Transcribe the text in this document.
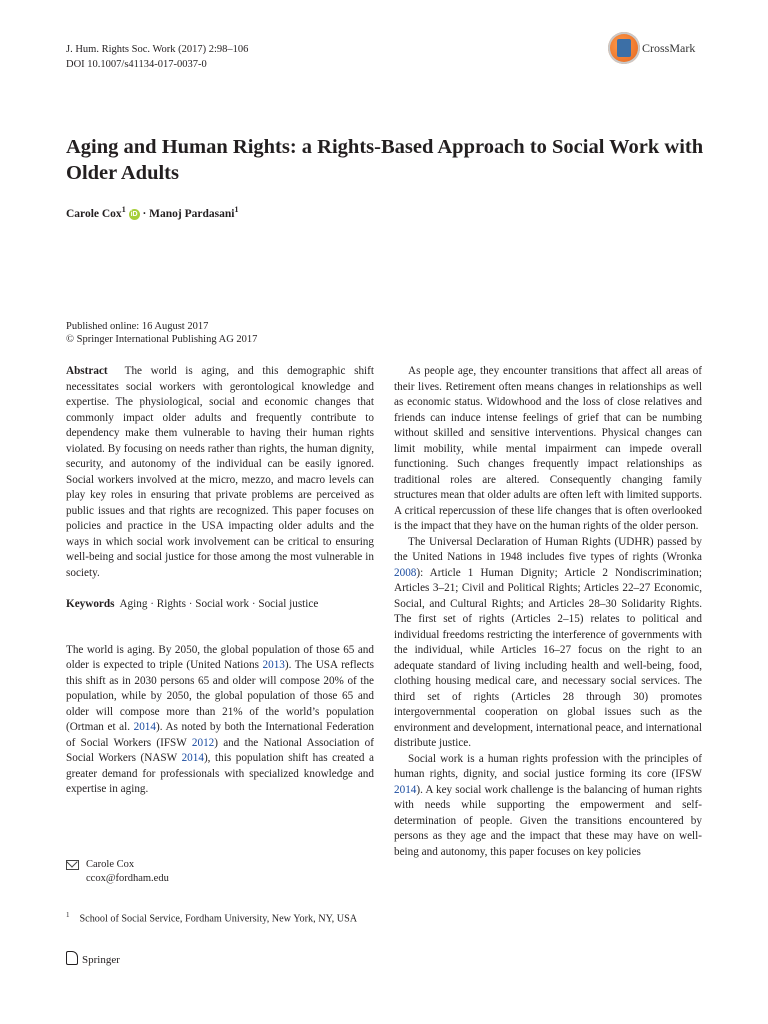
J. Hum. Rights Soc. Work (2017) 2:98–106
DOI 10.1007/s41134-017-0037-0
CrossMark
Aging and Human Rights: a Rights-Based Approach to Social Work with Older Adults
Carole Cox$^1$ iD · Manoj Pardasani$^1$
Published online: 16 August 2017
© Springer International Publishing AG 2017

Abstract The world is aging, and this demographic shift necessitates social workers with gerontological knowledge and expertise. The physiological, social and economic changes that commonly impact older adults and frequently contribute to dependency make them vulnerable to having their human rights violated. By focusing on needs rather than rights, the human dignity, security, and autonomy of the individual can be easily ignored. Social workers involved at the micro, mezzo, and macro levels can play key roles in ensuring that private problems are perceived as public issues and that rights are recognized. This paper focuses on policies and practice in the USA impacting older adults and the ways in which social work involvement can be critical to ensuring well-being and social justice for those among the most vulnerable in society.

Keywords Aging · Rights · Social work · Social justice

The world is aging. By 2050, the global population of those 65 and older is expected to triple (United Nations 2013). The USA reflects this shift as in 2030 persons 65 and older will compose 20% of the population, while by 2050, the global population of those 65 and older will compose more than 21% of the world’s population (Ortman et al. 2014). As noted by both the International Federation of Social Workers (IFSW 2012) and the National Association of Social Workers (NASW 2014), this population shift has created a greater demand for professionals with specialized knowledge and expertise in aging.

Carole Cox
ccox@fordham.edu
$^1$ School of Social Service, Fordham University, New York, NY, USA
Springer

As people age, they encounter transitions that affect all areas of their lives. Retirement often means changes in relationships as well as economic status. Widowhood and the loss of close relatives and friends can induce intense feelings of grief that can be numbing without skilled and sensitive interventions. Physical changes can limit mobility, while mental impairment can impede overall functioning. Such changes frequently impact relationships as traditional roles are altered. Consequently changing family structures mean that older adults are often left with limited supports. A critical repercussion of these life changes that is often overlooked is the impact that they have on the human rights of the older person.

The Universal Declaration of Human Rights (UDHR) passed by the United Nations in 1948 includes five types of rights (Wronka 2008): Article 1 Human Dignity; Article 2 Nondiscrimination; Articles 3–21; Civil and Political Rights; Articles 22–27 Economic, Social, and Cultural Rights; and Articles 28–30 Solidarity Rights. The first set of rights (Articles 2–15) relates to political and individual freedoms restricting the interference of governments with the individual, while Articles 16–27 focus on the right to an adequate standard of living including health and well-being, food, clothing housing medical care, and necessary social services. The third set of rights (Articles 28 through 30) promotes intergovernmental cooperation on global issues such as the environment and development, international peace, and international distribute justice.

Social work is a human rights profession with the principles of human rights, dignity, and social justice forming its core (IFSW 2014). A key social work challenge is the balancing of human rights with needs while supporting the empowerment and self-determination of people. Given the transitions encountered by persons as they age and the impact that these may have on well-being and autonomy, this paper focuses on key policies
